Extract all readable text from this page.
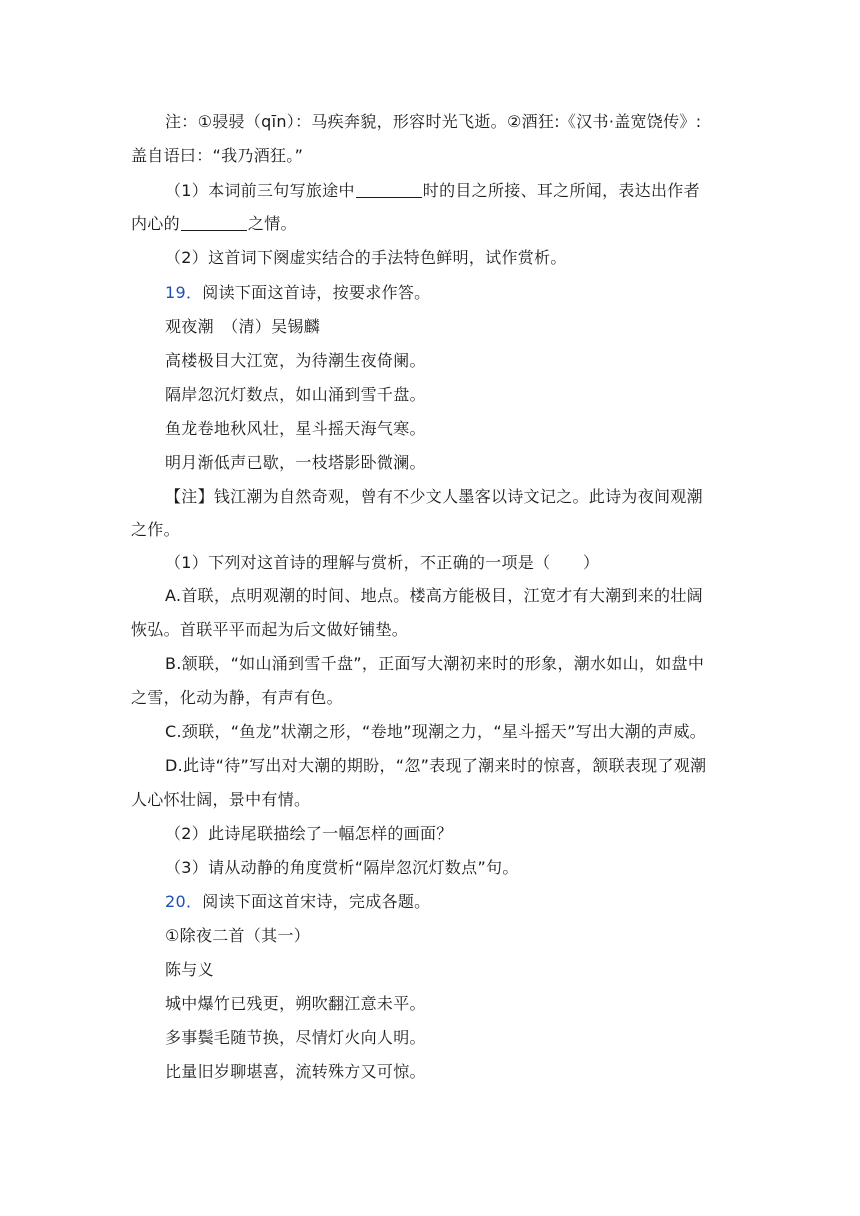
注：①骎骎（qīn）：马疾奔貌，形容时光飞逝。②酒狂:《汉书·盖宽饶传》:
盖自语曰：“我乃酒狂。”
（1）本词前三句写旅途中	时的目之所接、耳之所闻，表达出作者
内心的	之情。
（2）这首词下阕虚实结合的手法特色鲜明，试作赏析。
19．阅读下面这首诗，按要求作答。
观夜潮　（清）吴锡麟
高楼极目大江宽，为待潮生夜倚阑。
隔岸忽沉灯数点，如山涌到雪千盘。
鱼龙卷地秋风壮，星斗摇天海气寒。
明月渐低声已歇，一枝塔影卧微澜。
【注】钱江潮为自然奇观，曾有不少文人墨客以诗文记之。此诗为夜间观潮
之作。
（1）下列对这首诗的理解与赏析，不正确的一项是（　　）
A.首联，点明观潮的时间、地点。楼高方能极目，江宽才有大潮到来的壮阔
恢弘。首联平平而起为后文做好铺垫。
B.颔联，“如山涌到雪千盘”，正面写大潮初来时的形象，潮水如山，如盘中
之雪，化动为静，有声有色。
C.颈联，“鱼龙”状潮之形，“卷地”现潮之力，“星斗摇天”写出大潮的声威。
D.此诗“待”写出对大潮的期盼，“忽”表现了潮来时的惊喜，颔联表现了观潮
人心怀壮阔，景中有情。
（2）此诗尾联描绘了一幅怎样的画面？
（3）请从动静的角度赏析“隔岸忽沉灯数点”句。
20．阅读下面这首宋诗，完成各题。
①除夜二首（其一）
陈与义
城中爆竹已残更，朔吹翻江意未平。
多事鬓毛随节换，尽情灯火向人明。
比量旧岁聊堪喜，流转殊方又可惊。
